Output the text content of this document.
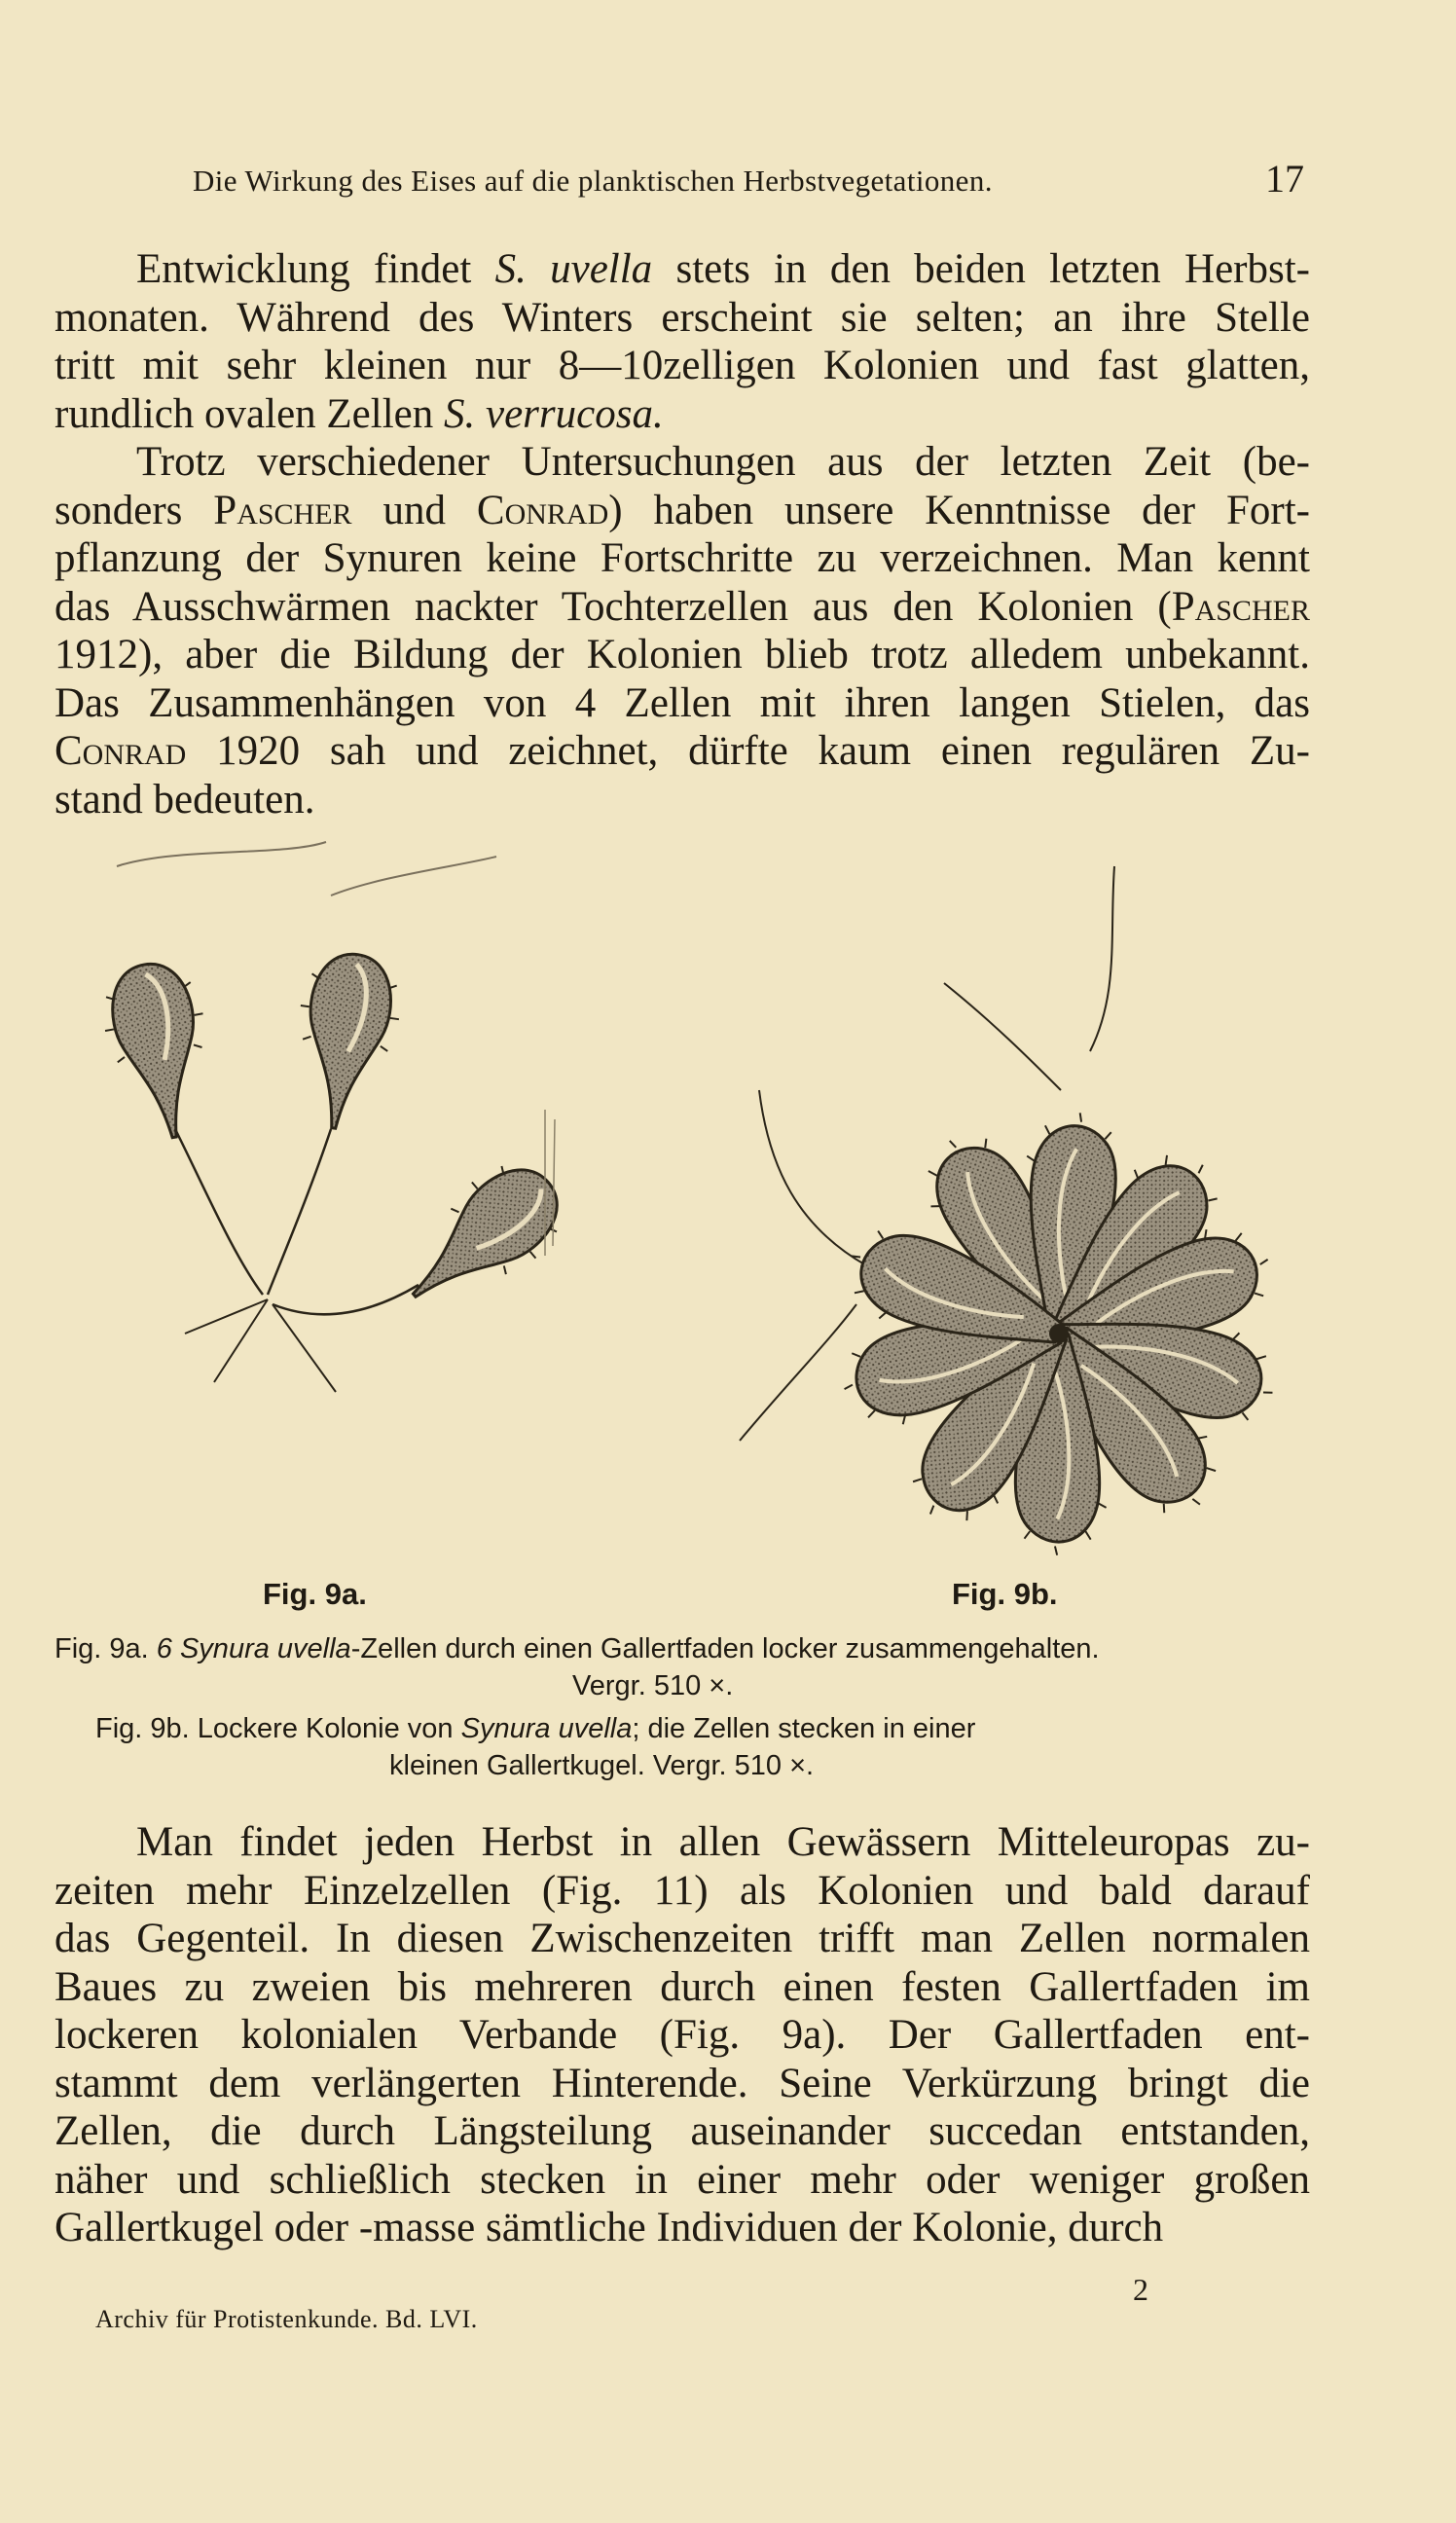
Die Wirkung des Eises auf die planktischen Herbstvegetationen.	17
Entwicklung findet S. uvella stets in den beiden letzten Herbst-
monaten. Während des Winters erscheint sie selten; an ihre Stelle
tritt mit sehr kleinen nur 8—10zelligen Kolonien und fast glatten,
rundlich ovalen Zellen S. verrucosa.
Trotz verschiedener Untersuchungen aus der letzten Zeit (be-
sonders Pascher und Conrad) haben unsere Kenntnisse der Fort-
pflanzung der Synuren keine Fortschritte zu verzeichnen. Man kennt
das Ausschwärmen nackter Tochterzellen aus den Kolonien (Pascher
1912), aber die Bildung der Kolonien blieb trotz alledem unbekannt.
Das Zusammenhängen von 4 Zellen mit ihren langen Stielen, das
Conrad 1920 sah und zeichnet, dürfte kaum einen regulären Zu-
stand bedeuten.
Fig. 9a.	Fig. 9b.
Fig. 9a. 6 Synura uvella-Zellen durch einen Gallertfaden locker zusammengehalten.
Vergr. 510 ×.
Fig. 9b. Lockere Kolonie von Synura uvella; die Zellen stecken in einer
kleinen Gallertkugel. Vergr. 510 ×.
Man findet jeden Herbst in allen Gewässern Mitteleuropas zu-
zeiten mehr Einzelzellen (Fig. 11) als Kolonien und bald darauf
das Gegenteil. In diesen Zwischenzeiten trifft man Zellen normalen
Baues zu zweien bis mehreren durch einen festen Gallertfaden im
lockeren kolonialen Verbande (Fig. 9a). Der Gallertfaden ent-
stammt dem verlängerten Hinterende. Seine Verkürzung bringt die
Zellen, die durch Längsteilung auseinander succedan entstanden,
näher und schließlich stecken in einer mehr oder weniger großen
Gallertkugel oder -masse sämtliche Individuen der Kolonie, durch
Archiv für Protistenkunde. Bd. LVI.
2
